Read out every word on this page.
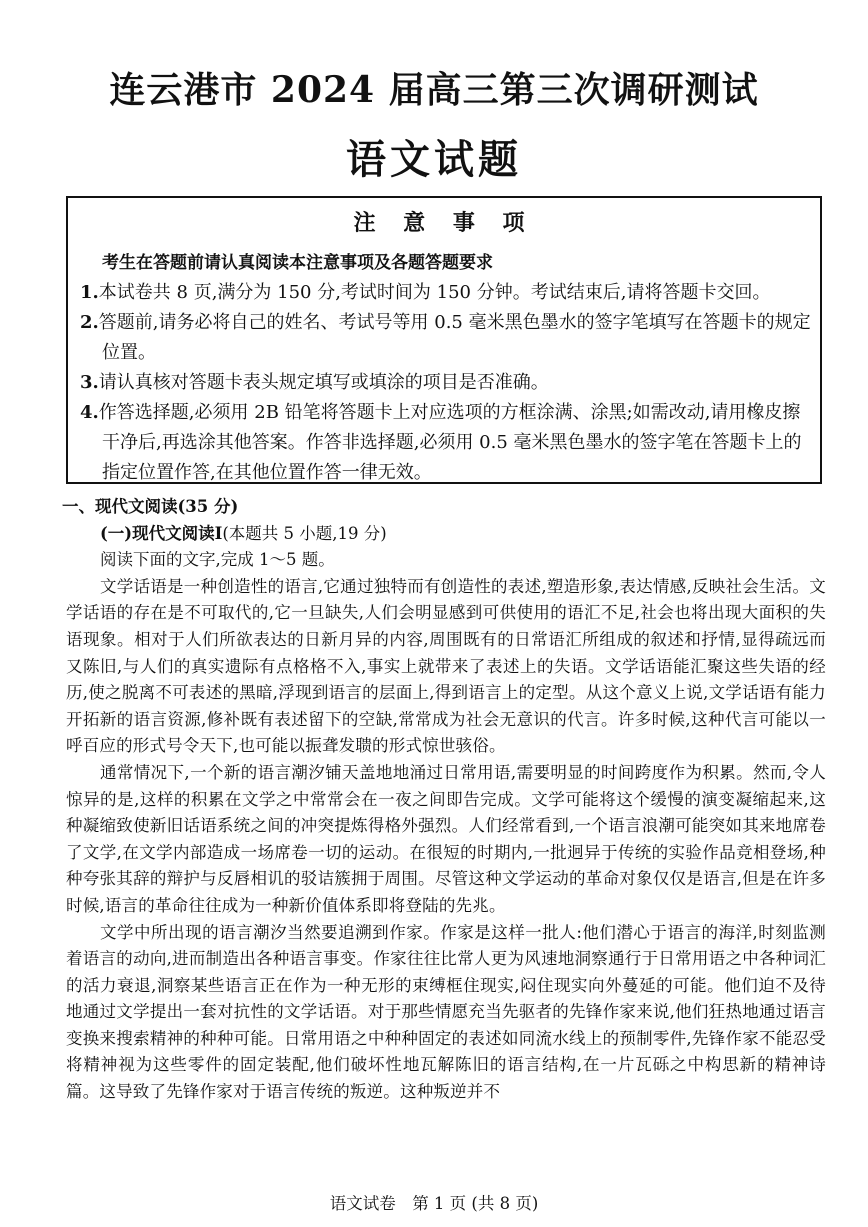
连云港市 2024 届高三第三次调研测试
语文试题
注 意 事 项
考生在答题前请认真阅读本注意事项及各题答题要求
1.本试卷共 8 页,满分为 150 分,考试时间为 150 分钟。考试结束后,请将答题卡交回。
2.答题前,请务必将自己的姓名、考试号等用 0.5 毫米黑色墨水的签字笔填写在答题卡的规定位置。
3.请认真核对答题卡表头规定填写或填涂的项目是否准确。
4.作答选择题,必须用 2B 铅笔将答题卡上对应选项的方框涂满、涂黑;如需改动,请用橡皮擦干净后,再选涂其他答案。作答非选择题,必须用 0.5 毫米黑色墨水的签字笔在答题卡上的指定位置作答,在其他位置作答一律无效。
一、现代文阅读(35 分)
(一)现代文阅读Ⅰ(本题共 5 小题,19 分)
阅读下面的文字,完成 1～5 题。

文学话语是一种创造性的语言,它通过独特而有创造性的表述,塑造形象,表达情感,反映社会生活。文学话语的存在是不可取代的,它一旦缺失,人们会明显感到可供使用的语汇不足,社会也将出现大面积的失语现象。相对于人们所欲表达的日新月异的内容,周围既有的日常语汇所组成的叙述和抒情,显得疏远而又陈旧,与人们的真实遗际有点格格不入,事实上就带来了表述上的失语。文学话语能汇聚这些失语的经历,使之脱离不可表述的黑暗,浮现到语言的层面上,得到语言上的定型。从这个意义上说,文学话语有能力开拓新的语言资源,修补既有表述留下的空缺,常常成为社会无意识的代言。许多时候,这种代言可能以一呼百应的形式号令天下,也可能以振聋发聩的形式惊世骇俗。

通常情况下,一个新的语言潮汐铺天盖地地涌过日常用语,需要明显的时间跨度作为积累。然而,令人惊异的是,这样的积累在文学之中常常会在一夜之间即告完成。文学可能将这个缓慢的演变凝缩起来,这种凝缩致使新旧话语系统之间的冲突提炼得格外强烈。人们经常看到,一个语言浪潮可能突如其来地席卷了文学,在文学内部造成一场席卷一切的运动。在很短的时期内,一批迥异于传统的实验作品竞相登场,种种夸张其辞的辩护与反唇相讥的驳诘簇拥于周围。尽管这种文学运动的革命对象仅仅是语言,但是在许多时候,语言的革命往往成为一种新价值体系即将登陆的先兆。

文学中所出现的语言潮汐当然要追溯到作家。作家是这样一批人:他们潜心于语言的海洋,时刻监测着语言的动向,进而制造出各种语言事变。作家往往比常人更为风速地洞察通行于日常用语之中各种词汇的活力衰退,洞察某些语言正在作为一种无形的束缚框住现实,闷住现实向外蔓延的可能。他们迫不及待地通过文学提出一套对抗性的文学话语。对于那些情愿充当先驱者的先锋作家来说,他们狂热地通过语言变换来搜索精神的种种可能。日常用语之中种种固定的表述如同流水线上的预制零件,先锋作家不能忍受将精神视为这些零件的固定装配,他们破坏性地瓦解陈旧的语言结构,在一片瓦砾之中构思新的精神诗篇。这导致了先锋作家对于语言传统的叛逆。这种叛逆并不

语文试卷　第 1 页 (共 8 页)
